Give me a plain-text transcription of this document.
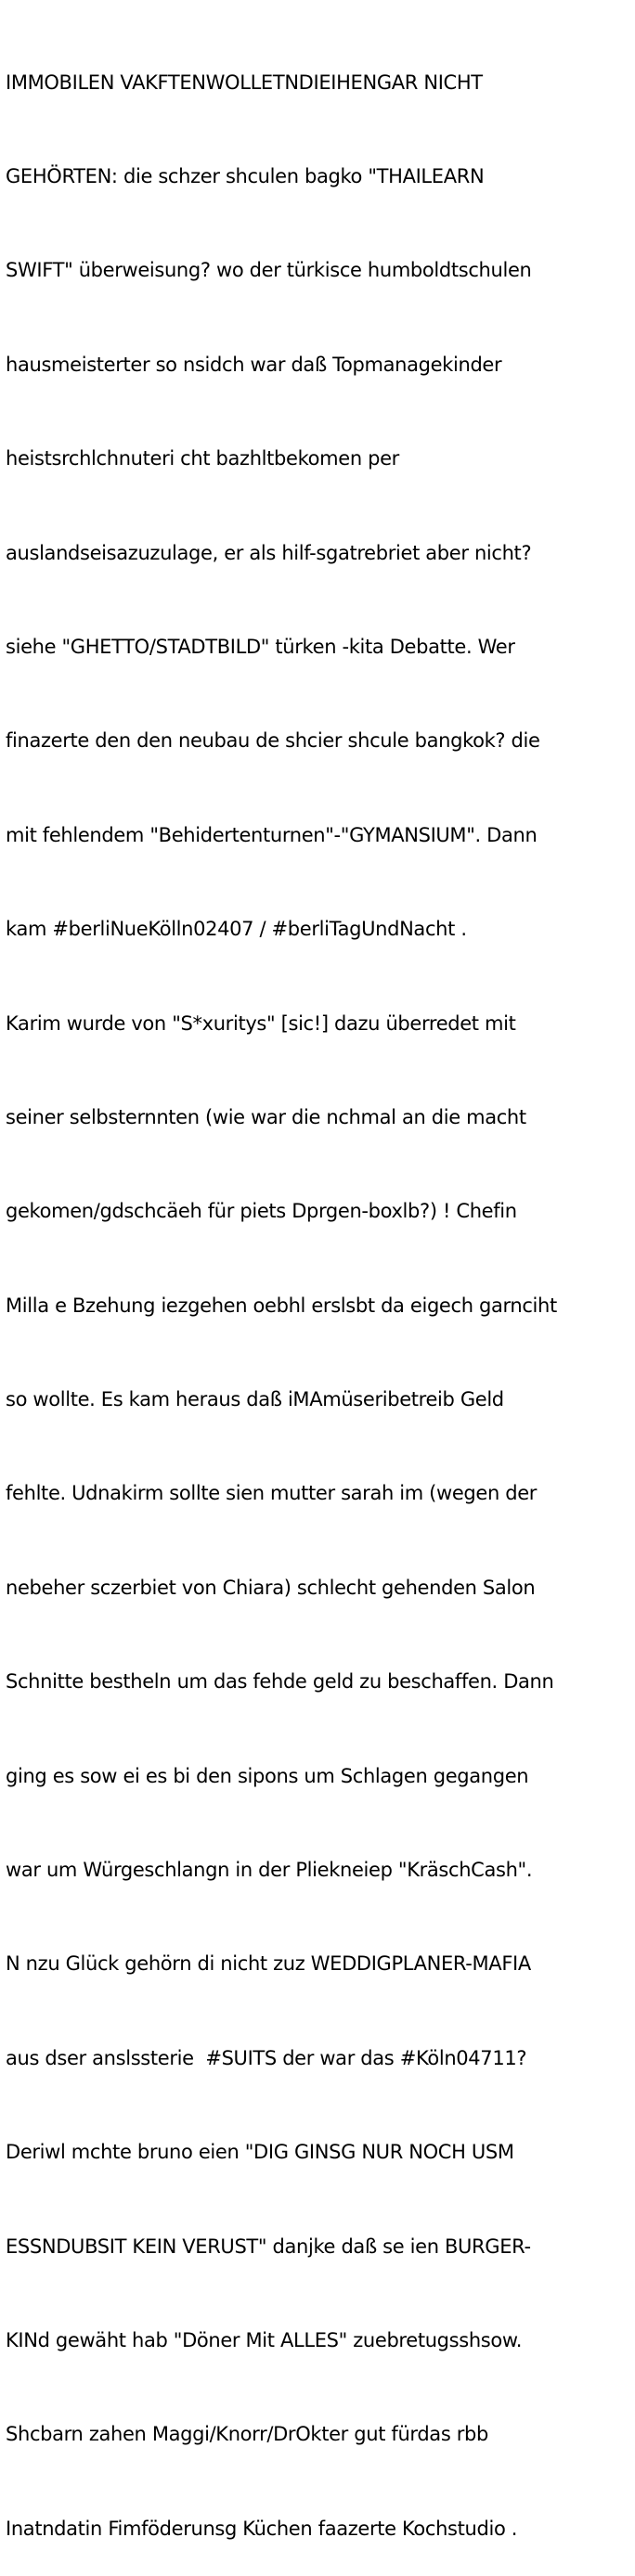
IMMOBILEN VAKFTENWOLLETNDIEIHENGAR NICHT

GEHÖRTEN: die schzer shculen bagko "THAILEARN

SWIFT" überweisung? wo der türkisce humboldtschulen

hausmeisterter so nsidch war daß Topmanagekinder

heistsrchlchnuteri cht bazhltbekomen per

auslandseisazuzulage, er als hilf-sgatrebriet aber nicht?

siehe "GHETTO/STADTBILD" türken -kita Debatte. Wer

finazerte den den neubau de shcier shcule bangkok? die

mit fehlendem "Behidertenturnen"-"GYMANSIUM". Dann

kam #berliNueKölln02407 / #berliTagUndNacht .

Karim wurde von "S*xuritys" [sic!] dazu überredet mit

seiner selbsternnten (wie war die nchmal an die macht

gekomen/gdschcäeh für piets Dprgen-boxlb?) ! Chefin

Milla e Bzehung iezgehen oebhl erslsbt da eigech garnciht

so wollte. Es kam heraus daß iMAmüseribetreib Geld

fehlte. Udnakirm sollte sien mutter sarah im (wegen der

nebeher sczerbiet von Chiara) schlecht gehenden Salon

Schnitte bestheln um das fehde geld zu beschaffen. Dann

ging es sow ei es bi den sipons um Schlagen gegangen

war um Würgeschlangn in der Pliekneiep "KräschCash".

N nzu Glück gehörn di nicht zuz WEDDIGPLANER-MAFIA

aus dser anslssterie  #SUITS der war das #Köln04711?

Deriwl mchte bruno eien "DIG GINSG NUR NOCH USM

ESSNDUBSIT KEIN VERUST" danjke daß se ien BURGER-

KINd gewäht hab "Döner Mit ALLES" zuebretugsshsow.

Shcbarn zahen Maggi/Knorr/DrOkter gut fürdas rbb

Inatndatin Fimföderunsg Küchen faazerte Kochstudio .
